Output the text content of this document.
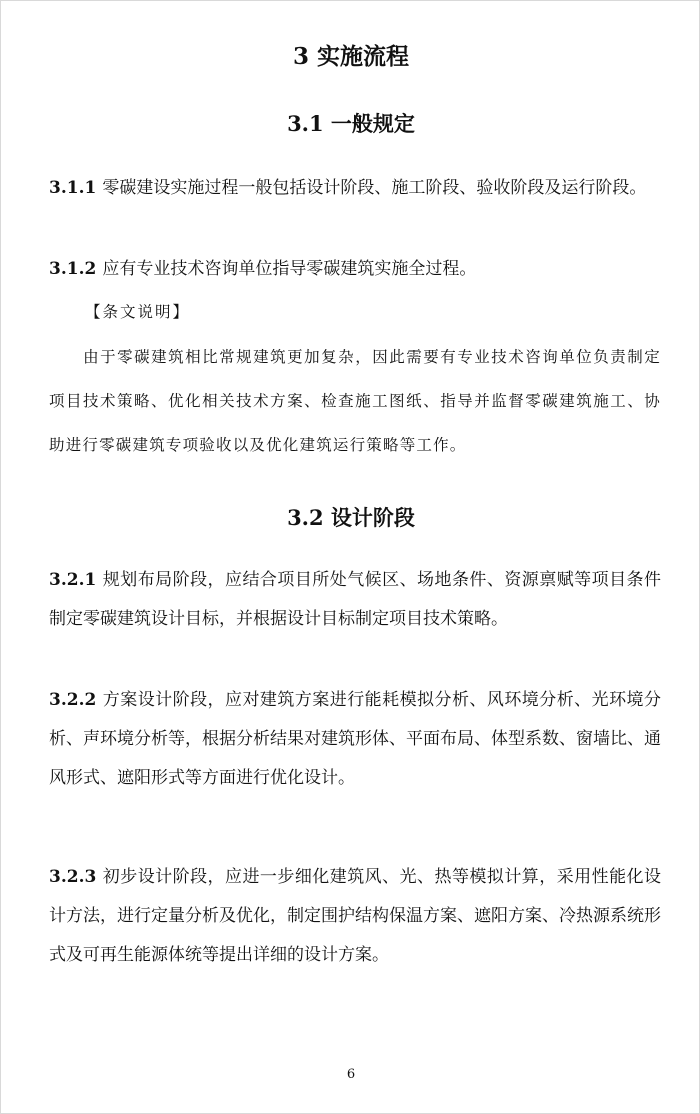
3 实施流程
3.1 一般规定
3.1.1 零碳建设实施过程一般包括设计阶段、施工阶段、验收阶段及运行阶段。
3.1.2 应有专业技术咨询单位指导零碳建筑实施全过程。
【条文说明】
由于零碳建筑相比常规建筑更加复杂，因此需要有专业技术咨询单位负责制定项目技术策略、优化相关技术方案、检查施工图纸、指导并监督零碳建筑施工、协助进行零碳建筑专项验收以及优化建筑运行策略等工作。
3.2 设计阶段
3.2.1 规划布局阶段，应结合项目所处气候区、场地条件、资源禀赋等项目条件制定零碳建筑设计目标，并根据设计目标制定项目技术策略。
3.2.2 方案设计阶段，应对建筑方案进行能耗模拟分析、风环境分析、光环境分析、声环境分析等，根据分析结果对建筑形体、平面布局、体型系数、窗墙比、通风形式、遮阳形式等方面进行优化设计。
3.2.3 初步设计阶段，应进一步细化建筑风、光、热等模拟计算，采用性能化设计方法，进行定量分析及优化，制定围护结构保温方案、遮阳方案、冷热源系统形式及可再生能源体统等提出详细的设计方案。
6
